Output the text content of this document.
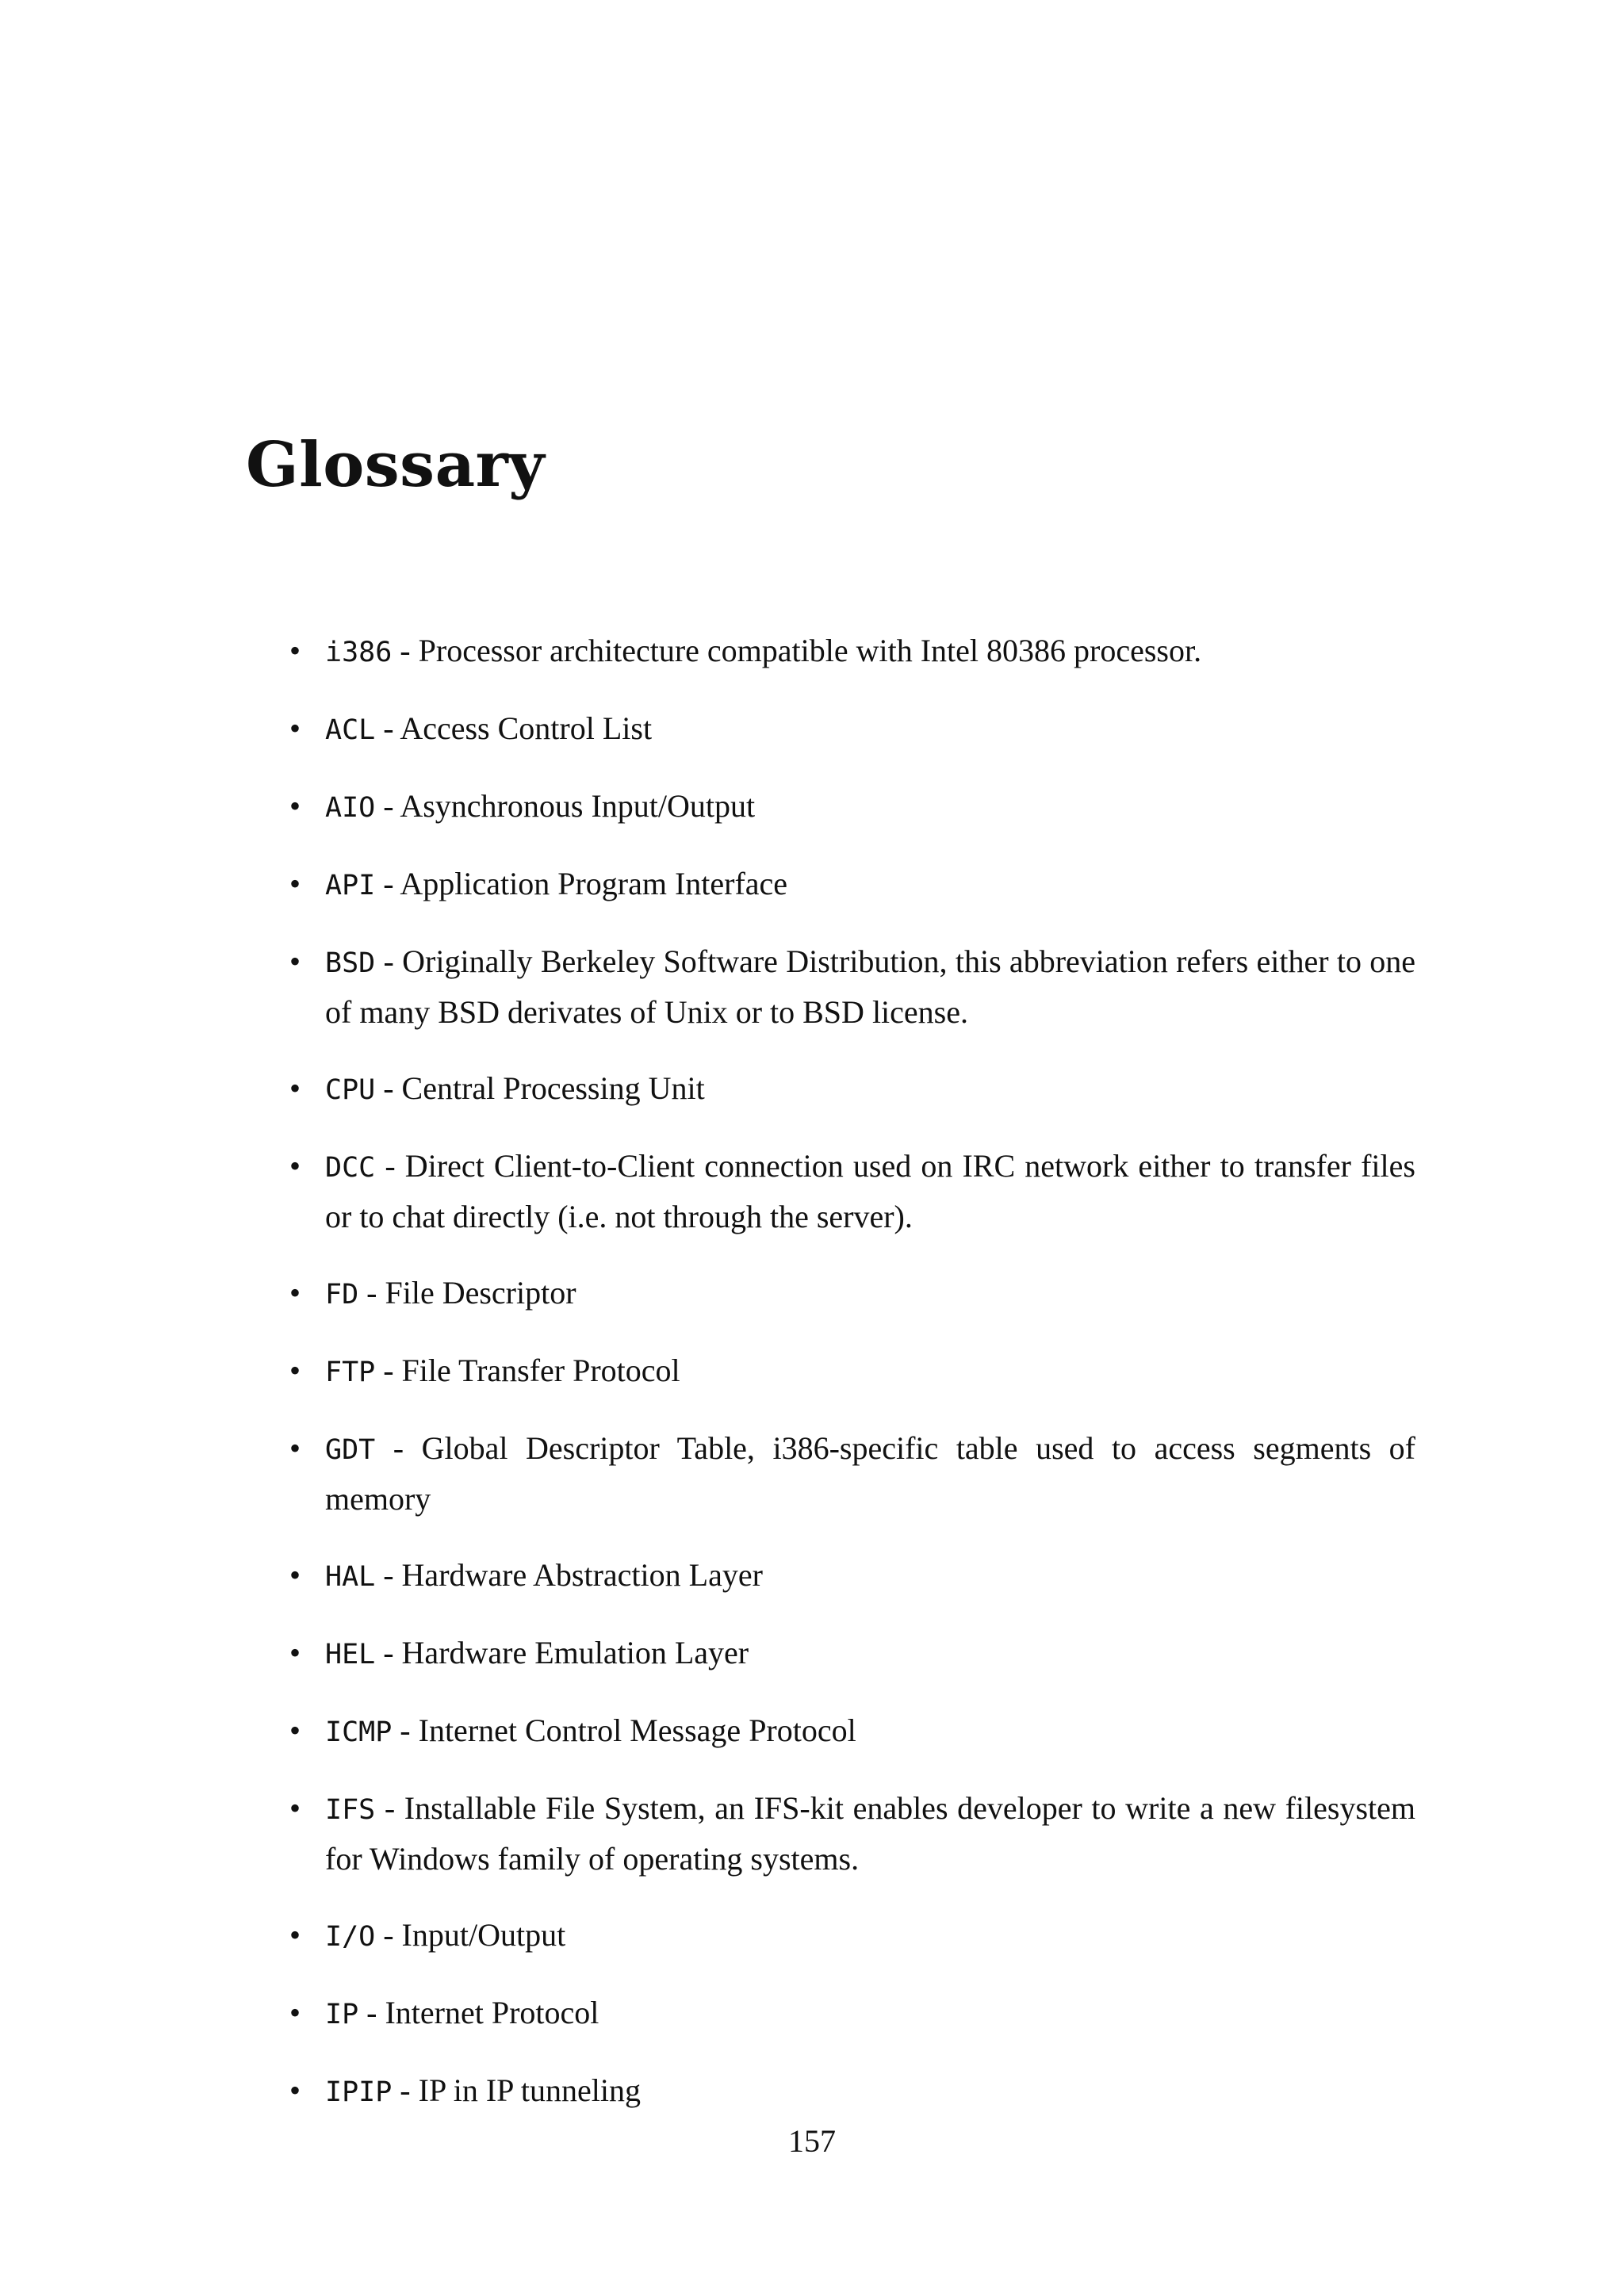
Glossary
• i386 - Processor architecture compatible with Intel 80386 processor.
• ACL - Access Control List
• AIO - Asynchronous Input/Output
• API - Application Program Interface
• BSD - Originally Berkeley Software Distribution, this abbreviation refers either to one of many BSD derivates of Unix or to BSD license.
• CPU - Central Processing Unit
• DCC - Direct Client-to-Client connection used on IRC network either to transfer files or to chat directly (i.e. not through the server).
• FD - File Descriptor
• FTP - File Transfer Protocol
• GDT - Global Descriptor Table, i386-specific table used to access segments of memory
• HAL - Hardware Abstraction Layer
• HEL - Hardware Emulation Layer
• ICMP - Internet Control Message Protocol
• IFS - Installable File System, an IFS-kit enables developer to write a new filesystem for Windows family of operating systems.
• I/O - Input/Output
• IP - Internet Protocol
• IPIP - IP in IP tunneling
157
